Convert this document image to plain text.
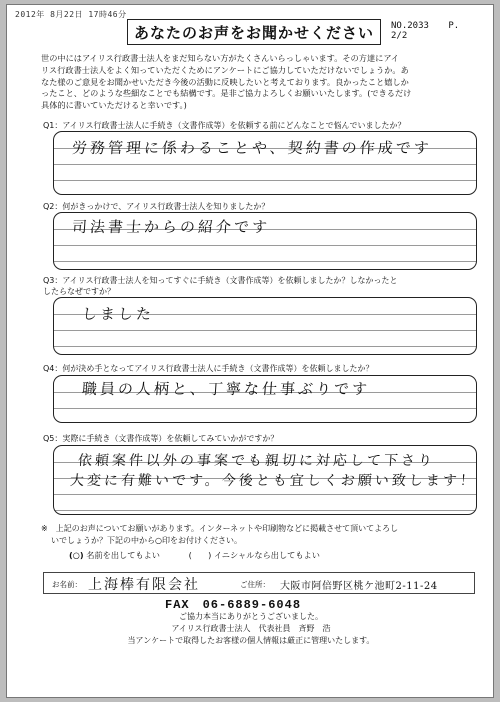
2012年 8月22日 17時46分
あなたのお声をお聞かせください	NO.2033 P. 2/2
世の中にはアイリス行政書士法人をまだ知らない方がたくさんいらっしゃいます。その方達にアイ
リス行政書士法人をよく知っていただくためにアンケートにご協力していただけないでしょうか。あ
なた様のご意見をお聞かせいただき今後の活動に反映したいと考えております。良かったこと嬉しか
ったこと、どのような些細なことでも結構です。是非ご協力よろしくお願いいたします。(できるだけ
具体的に書いていただけると幸いです。)
Q1：アイリス行政書士法人に手続き（文書作成等）を依頼する前にどんなことで悩んでいましたか？
労務管理に係わることや、契約書の作成です
Q2：何がきっかけで、アイリス行政書士法人を知りましたか？
司法書士からの紹介です
Q3：アイリス行政書士法人を知ってすぐに手続き（文書作成等）を依頼しましたか？しなかったと
したらなぜですか？
しました
Q4：何が決め手となってアイリス行政書士法人に手続き（文書作成等）を依頼しましたか？
職員の人柄と、丁寧な仕事ぶりです
Q5：実際に手続き（文書作成等）を依頼してみていかがですか？
依頼案件以外の事案でも親切に対応して下さり
大変に有難いです。今後とも宜しくお願い致します！
※　上記のお声についてお願いがあります。インターネットや印刷物などに掲載させて頂いてよろし
いでしょうか？下記の中から○印をお付けください。
(○) 名前を出してもよい	(　　) イニシャルなら出してもよい
お名前： 上海棒有限会社	ご住所： 大阪市阿倍野区桃ケ池町2-11-24
FAX　06-6889-6048
ご協力本当にありがとうございました。
アイリス行政書士法人　代表社員　斉野　浩
当アンケートで取得したお客様の個人情報は厳正に管理いたします。
